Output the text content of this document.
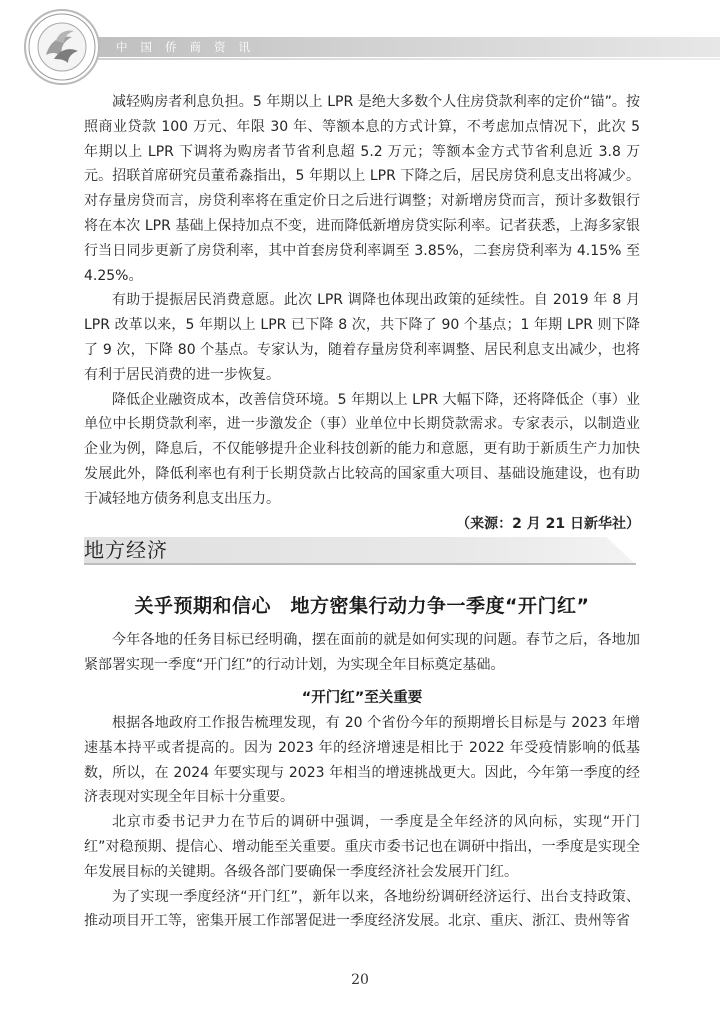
中国侨商资讯

减轻购房者利息负担。5 年期以上 LPR 是绝大多数个人住房贷款利率的定价“锚”。按照商业贷款 100 万元、年限 30 年、等额本息的方式计算，不考虑加点情况下，此次 5 年期以上 LPR 下调将为购房者节省利息超 5.2 万元；等额本金方式节省利息近 3.8 万元。招联首席研究员董希淼指出，5 年期以上 LPR 下降之后，居民房贷利息支出将减少。对存量房贷而言，房贷利率将在重定价日之后进行调整；对新增房贷而言，预计多数银行将在本次 LPR 基础上保持加点不变，进而降低新增房贷实际利率。记者获悉，上海多家银行当日同步更新了房贷利率，其中首套房贷利率调至 3.85%，二套房贷利率为 4.15% 至 4.25%。

有助于提振居民消费意愿。此次 LPR 调降也体现出政策的延续性。自 2019 年 8 月 LPR 改革以来，5 年期以上 LPR 已下降 8 次，共下降了 90 个基点；1 年期 LPR 则下降了 9 次，下降 80 个基点。专家认为，随着存量房贷利率调整、居民利息支出减少，也将有利于居民消费的进一步恢复。

降低企业融资成本，改善信贷环境。5 年期以上 LPR 大幅下降，还将降低企（事）业单位中长期贷款利率，进一步激发企（事）业单位中长期贷款需求。专家表示，以制造业企业为例，降息后，不仅能够提升企业科技创新的能力和意愿，更有助于新质生产力加快发展此外，降低利率也有利于长期贷款占比较高的国家重大项目、基础设施建设，也有助于减轻地方债务利息支出压力。

（来源：2 月 21 日新华社）
地方经济
关乎预期和信心　地方密集行动力争一季度“开门红”

今年各地的任务目标已经明确，摆在面前的就是如何实现的问题。春节之后，各地加紧部署实现一季度“开门红”的行动计划，为实现全年目标奠定基础。

“开门红”至关重要

根据各地政府工作报告梳理发现，有 20 个省份今年的预期增长目标是与 2023 年增速基本持平或者提高的。因为 2023 年的经济增速是相比于 2022 年受疫情影响的低基数，所以，在 2024 年要实现与 2023 年相当的增速挑战更大。因此，今年第一季度的经济表现对实现全年目标十分重要。

北京市委书记尹力在节后的调研中强调，一季度是全年经济的风向标，实现“开门红”对稳预期、提信心、增动能至关重要。重庆市委书记也在调研中指出，一季度是实现全年发展目标的关键期。各级各部门要确保一季度经济社会发展开门红。

为了实现一季度经济“开门红”，新年以来，各地纷纷调研经济运行、出台支持政策、推动项目开工等，密集开展工作部署促进一季度经济发展。北京、重庆、浙江、贵州等省

20
